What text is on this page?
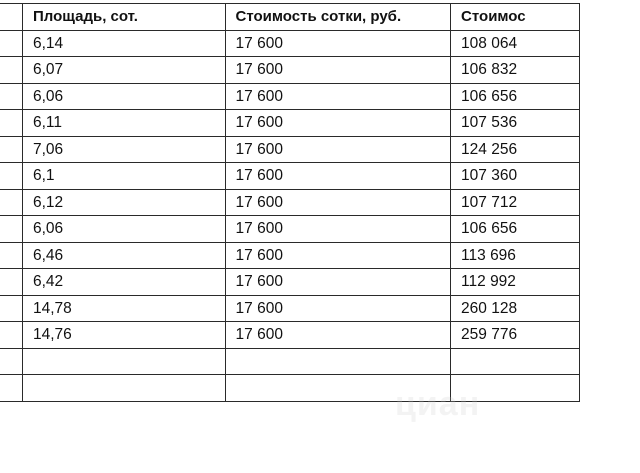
	Площадь, сот.	Стоимость сотки, руб.	Стоимос
	6,14	17 600	108 064
	6,07	17 600	106 832
	6,06	17 600	106 656
	6,11	17 600	107 536
	7,06	17 600	124 256
	6,1	17 600	107 360
	6,12	17 600	107 712
	6,06	17 600	106 656
	6,46	17 600	113 696
	6,42	17 600	112 992
	14,78	17 600	260 128
	14,76	17 600	259 776

циан
